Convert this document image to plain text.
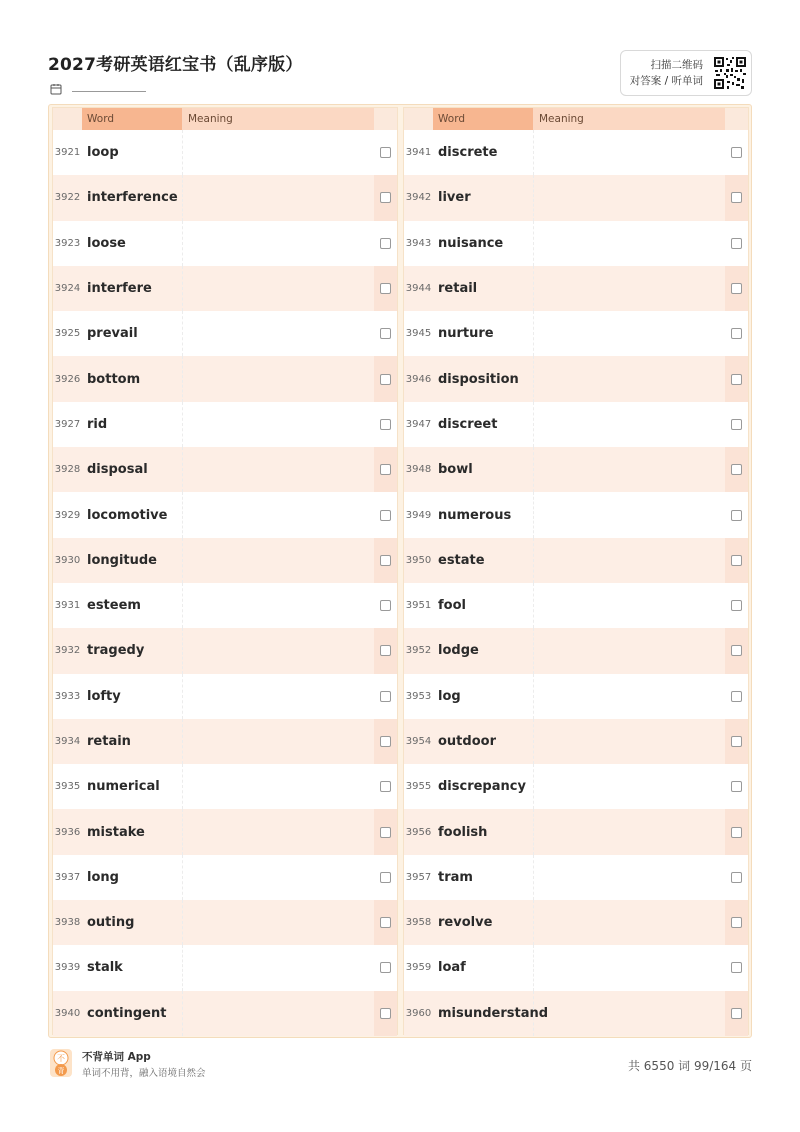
2027考研英语红宝书（乱序版）	扫描二维码
对答案 / 听单词
Word	Meaning
3921 loop
3922 interference
3923 loose
3924 interfere
3925 prevail
3926 bottom
3927 rid
3928 disposal
3929 locomotive
3930 longitude
3931 esteem
3932 tragedy
3933 lofty
3934 retain
3935 numerical
3936 mistake
3937 long
3938 outing
3939 stalk
3940 contingent
Word	Meaning
3941 discrete
3942 liver
3943 nuisance
3944 retail
3945 nurture
3946 disposition
3947 discreet
3948 bowl
3949 numerous
3950 estate
3951 fool
3952 lodge
3953 log
3954 outdoor
3955 discrepancy
3956 foolish
3957 tram
3958 revolve
3959 loaf
3960 misunderstand
不
背
不背单词 App
单词不用背，融入语境自然会
共 6550 词 99/164 页
